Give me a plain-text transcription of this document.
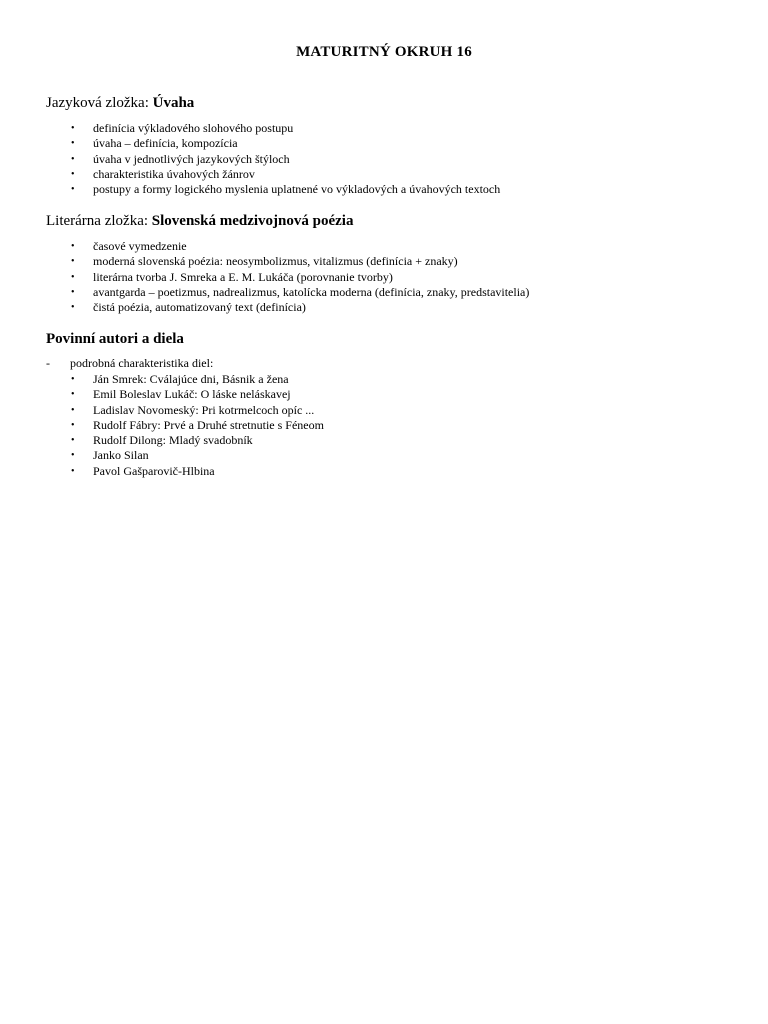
MATURITNÝ OKRUH 16
Jazyková zložka: Úvaha
• definícia výkladového slohového postupu
• úvaha – definícia, kompozícia
• úvaha v jednotlivých jazykových štýloch
• charakteristika úvahových žánrov
• postupy a formy logického myslenia uplatnené vo výkladových a úvahových textoch
Literárna zložka: Slovenská medzivojnová poézia
• časové vymedzenie
• moderná slovenská poézia: neosymbolizmus, vitalizmus (definícia + znaky)
• literárna tvorba J. Smreka a E. M. Lukáča (porovnanie tvorby)
• avantgarda – poetizmus, nadrealizmus, katolícka moderna (definícia, znaky, predstavitelia)
• čistá poézia, automatizovaný text (definícia)
Povinní autori a diela
- podrobná charakteristika diel:
• Ján Smrek: Cválajúce dni, Básnik a žena
• Emil Boleslav Lukáč: O láske neláskavej
• Ladislav Novomeský: Pri kotrmelcoch opíc ...
• Rudolf Fábry: Prvé a Druhé stretnutie s Féneom
• Rudolf Dilong: Mladý svadobník
• Janko Silan
• Pavol Gašparovič-Hlbina
